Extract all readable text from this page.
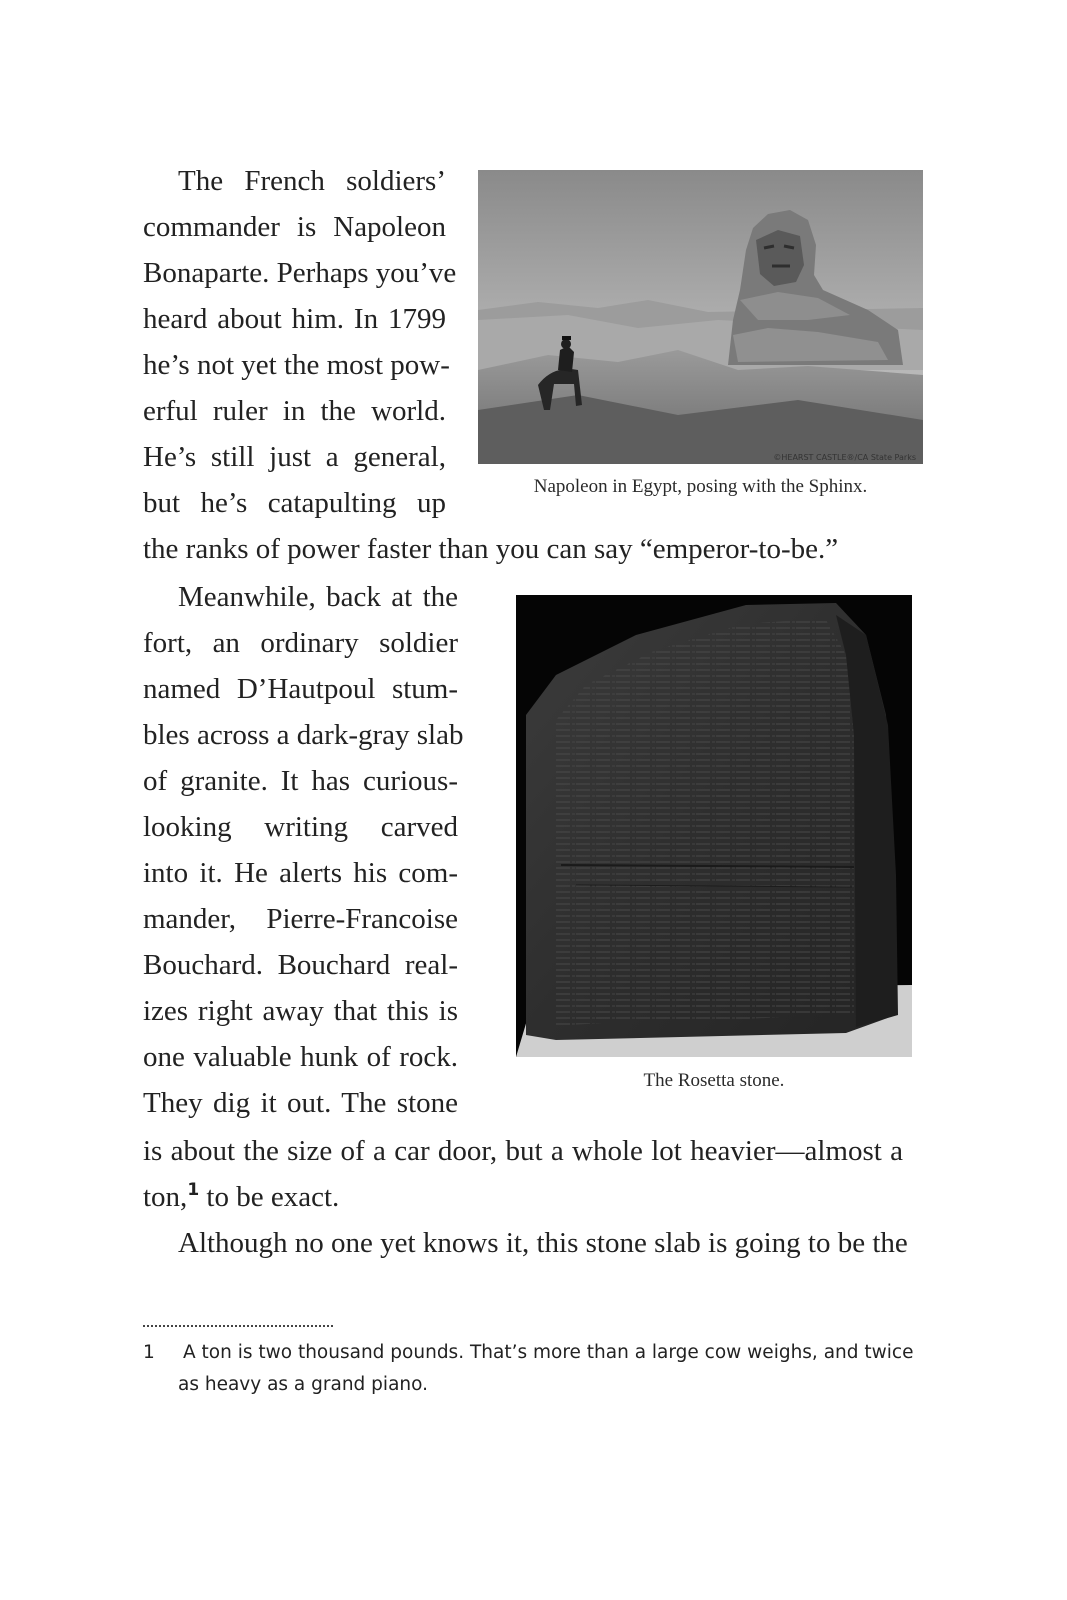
The French soldiers’
commander is Napoleon
Bonaparte. Perhaps you’ve
heard about him. In 1799
he’s not yet the most pow-
erful ruler in the world.
He’s still just a general,
but he’s catapulting up
the ranks of power faster than you can say “emperor-to-be.”
©HEARST CASTLE®/CA State Parks
Napoleon in Egypt, posing with the Sphinx.
Meanwhile, back at the
fort, an ordinary soldier
named D’Hautpoul stum-
bles across a dark-gray slab
of granite. It has curious-
looking writing carved
into it. He alerts his com-
mander, Pierre-Francoise
Bouchard. Bouchard real-
izes right away that this is
one valuable hunk of rock.
They dig it out. The stone
is about the size of a car door, but a whole lot heavier—almost a
ton,$^1$ to be exact.
The Rosetta stone.
Although no one yet knows it, this stone slab is going to be the
1 A ton is two thousand pounds. That’s more than a large cow weighs, and twice
as heavy as a grand piano.
